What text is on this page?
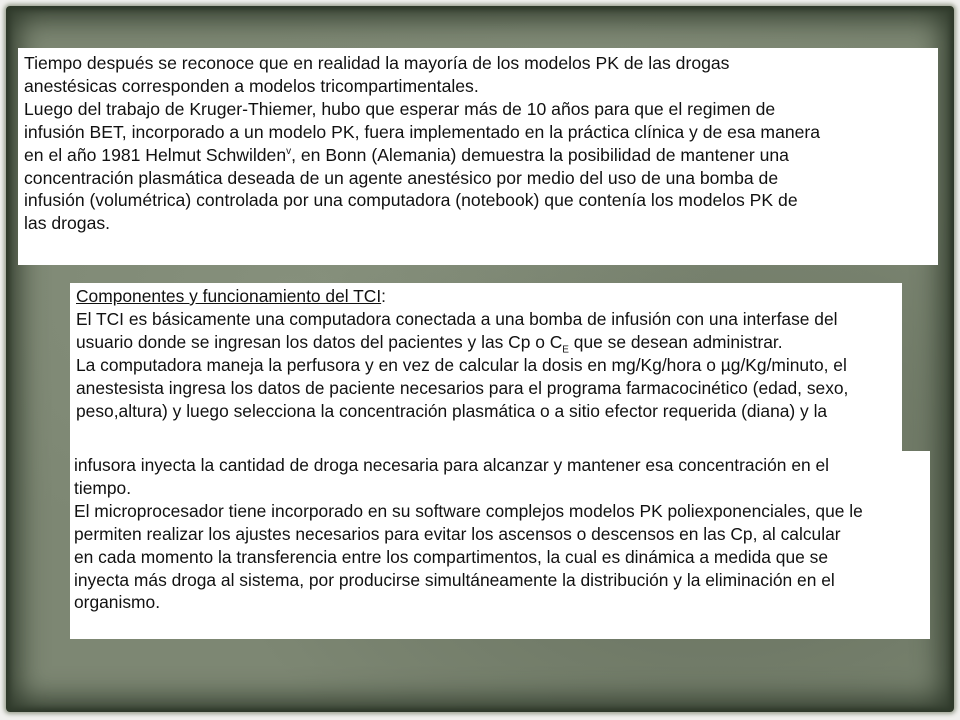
Tiempo después se reconoce que en realidad la mayoría de los modelos PK de las drogas
anestésicas corresponden a modelos tricompartimentales.

Luego del trabajo de Kruger-Thiemer, hubo que esperar más de 10 años para que el regimen de
infusión BET, incorporado a un modelo PK, fuera implementado en la práctica clínica y de esa manera
en el año 1981 Helmut Schwilden$^v$, en Bonn (Alemania) demuestra la posibilidad de mantener una
concentración plasmática deseada de un agente anestésico por medio del uso de una bomba de
infusión (volumétrica) controlada por una computadora (notebook) que contenía los modelos PK de
las drogas.

Componentes y funcionamiento del TCI:

El TCI es básicamente una computadora conectada a una bomba de infusión con una interfase del
usuario donde se ingresan los datos del pacientes y las Cp o $C_E$ que se desean administrar.

La computadora maneja la perfusora y en vez de calcular la dosis en mg/Kg/hora o µg/Kg/minuto, el
anestesista ingresa los datos de paciente necesarios para el programa farmacocinético (edad, sexo,
peso,altura) y luego selecciona la concentración plasmática o a sitio efector requerida (diana) y la

infusora inyecta la cantidad de droga necesaria para alcanzar y mantener esa concentración en el
tiempo.

El microprocesador tiene incorporado en su software complejos modelos PK poliexponenciales, que le
permiten realizar los ajustes necesarios para evitar los ascensos o descensos en las Cp, al calcular
en cada momento la transferencia entre los compartimentos, la cual es dinámica a medida que se
inyecta más droga al sistema, por producirse simultáneamente la distribución y la eliminación en el
organismo.
